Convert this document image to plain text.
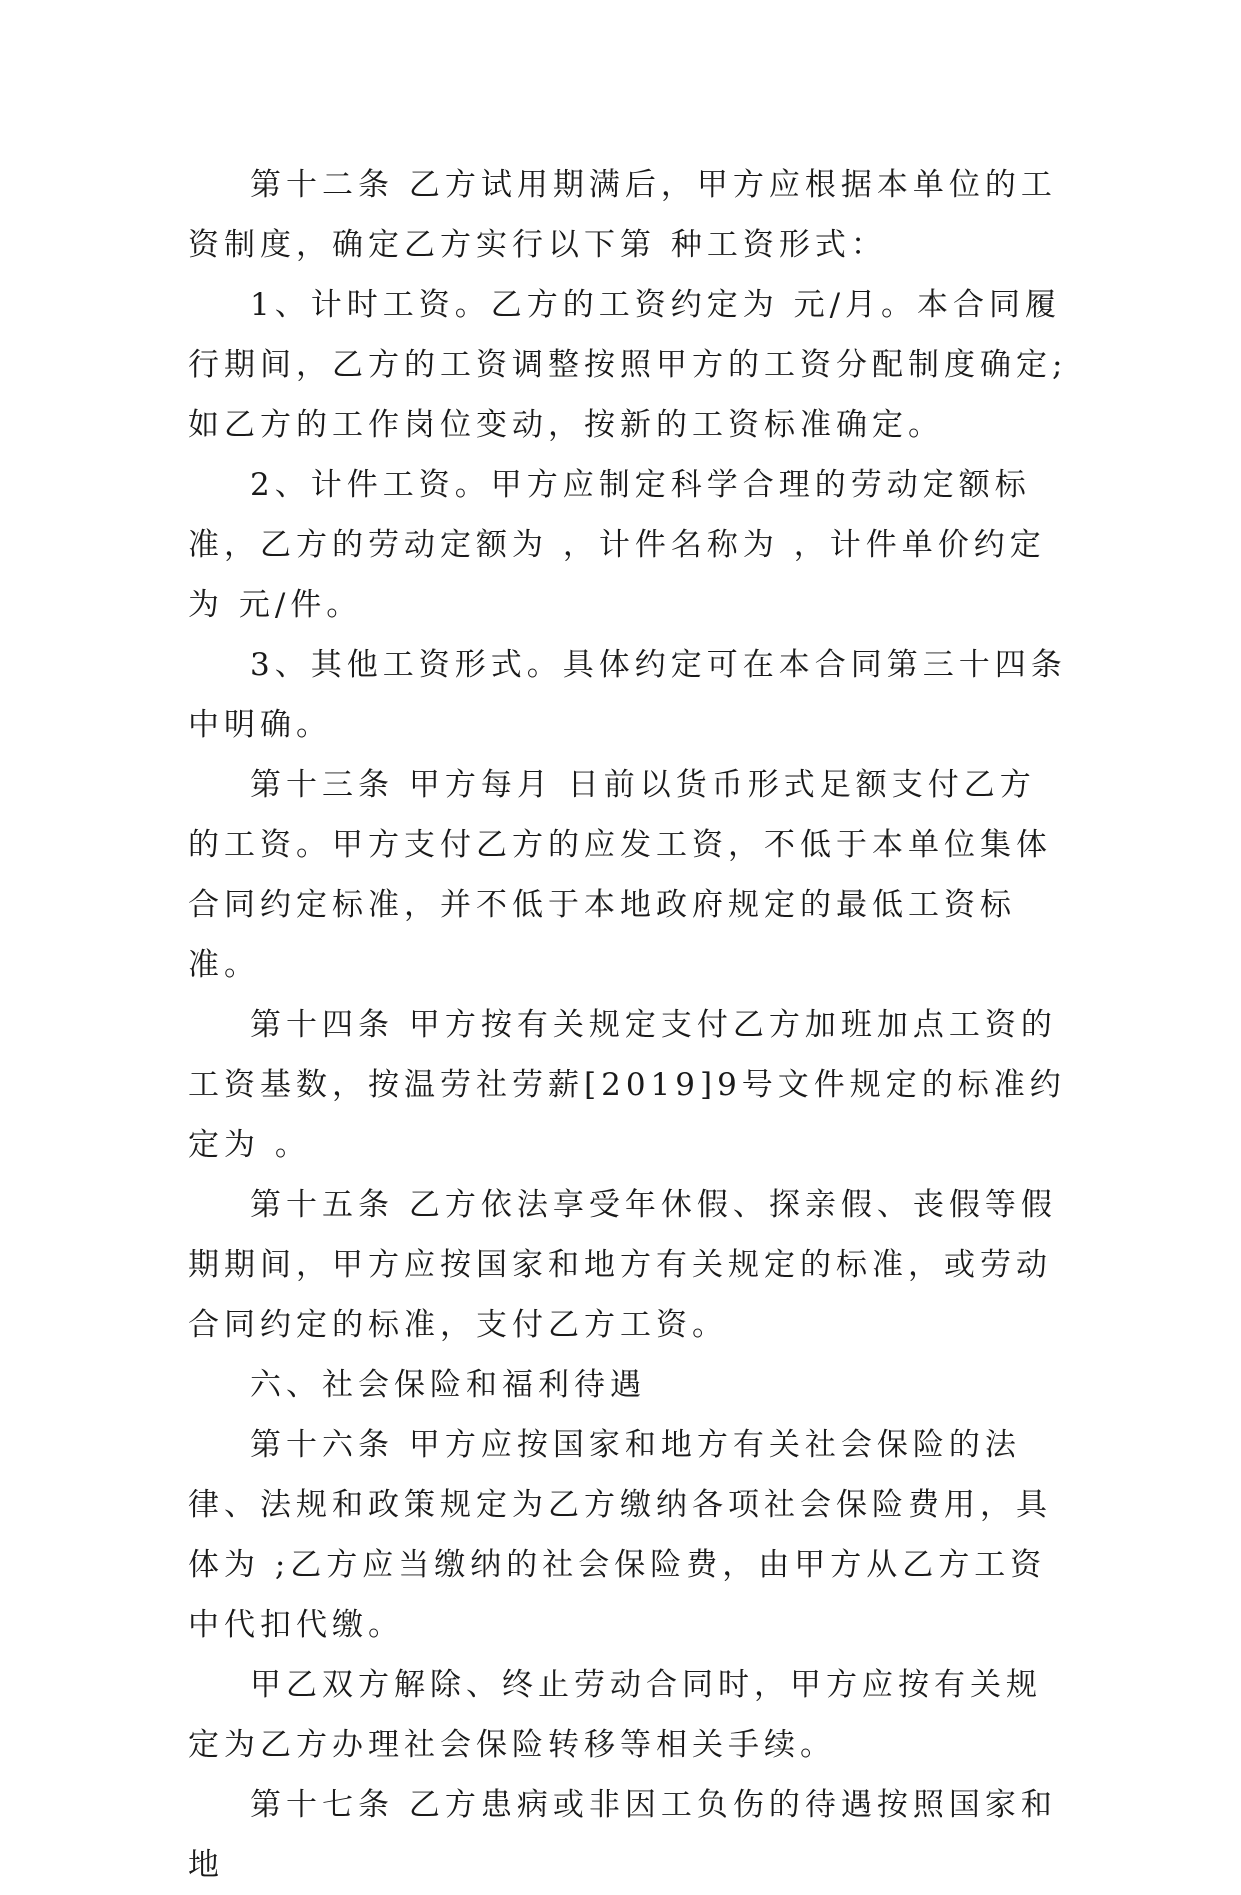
第十二条 乙方试用期满后，甲方应根据本单位的工资制度，确定乙方实行以下第 种工资形式：

1、计时工资。乙方的工资约定为 元/月。本合同履行期间，乙方的工资调整按照甲方的工资分配制度确定;如乙方的工作岗位变动，按新的工资标准确定。

2、计件工资。甲方应制定科学合理的劳动定额标准，乙方的劳动定额为 ，计件名称为 ，计件单价约定为 元/件。

3、其他工资形式。具体约定可在本合同第三十四条中明确。

第十三条 甲方每月 日前以货币形式足额支付乙方的工资。甲方支付乙方的应发工资，不低于本单位集体合同约定标准，并不低于本地政府规定的最低工资标准。

第十四条 甲方按有关规定支付乙方加班加点工资的工资基数，按温劳社劳薪[2019]9号文件规定的标准约定为 。

第十五条 乙方依法享受年休假、探亲假、丧假等假期期间，甲方应按国家和地方有关规定的标准，或劳动合同约定的标准，支付乙方工资。

六、社会保险和福利待遇

第十六条 甲方应按国家和地方有关社会保险的法律、法规和政策规定为乙方缴纳各项社会保险费用，具体为 ;乙方应当缴纳的社会保险费，由甲方从乙方工资中代扣代缴。

甲乙双方解除、终止劳动合同时，甲方应按有关规定为乙方办理社会保险转移等相关手续。

第十七条 乙方患病或非因工负伤的待遇按照国家和地
